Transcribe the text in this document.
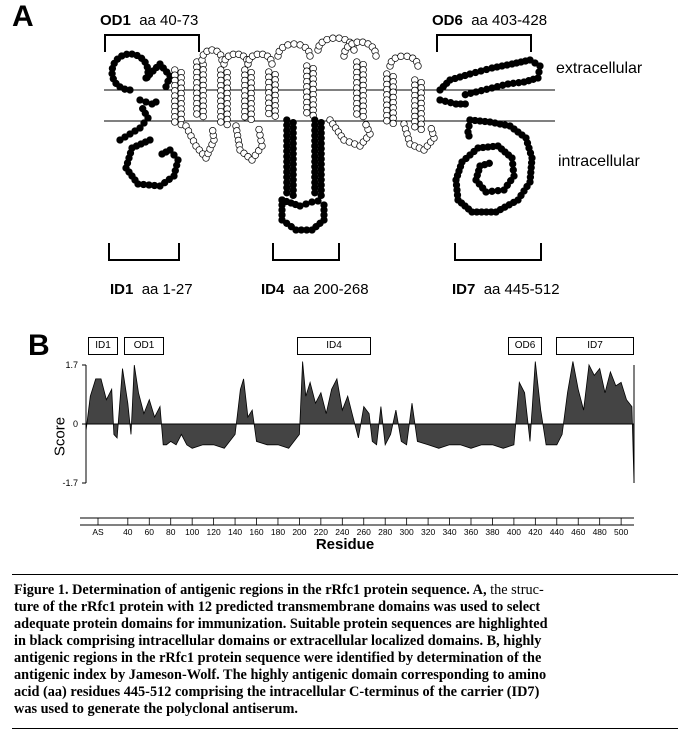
A	OD1 aa 40-73	OD6 aa 403-428
extracellular
intracellular
ID1 aa 1-27	ID4 aa 200-268	ID7 aa 445-512
B	ID1	OD1	ID4	OD6	ID7
Score
1.7
0
-1.7
AS 40 60 80 100 120 140 160 180 200 220 240 260 280 300 320 340 360 380 400 420 440 460 480 500
Residue
Figure 1. Determination of antigenic regions in the rRfc1 protein sequence. A, the struc-
ture of the rRfc1 protein with 12 predicted transmembrane domains was used to select
adequate protein domains for immunization. Suitable protein sequences are highlighted
in black comprising intracellular domains or extracellular localized domains. B, highly
antigenic regions in the rRfc1 protein sequence were identified by determination of the
antigenic index by Jameson-Wolf. The highly antigenic domain corresponding to amino
acid (aa) residues 445-512 comprising the intracellular C-terminus of the carrier (ID7)
was used to generate the polyclonal antiserum.
